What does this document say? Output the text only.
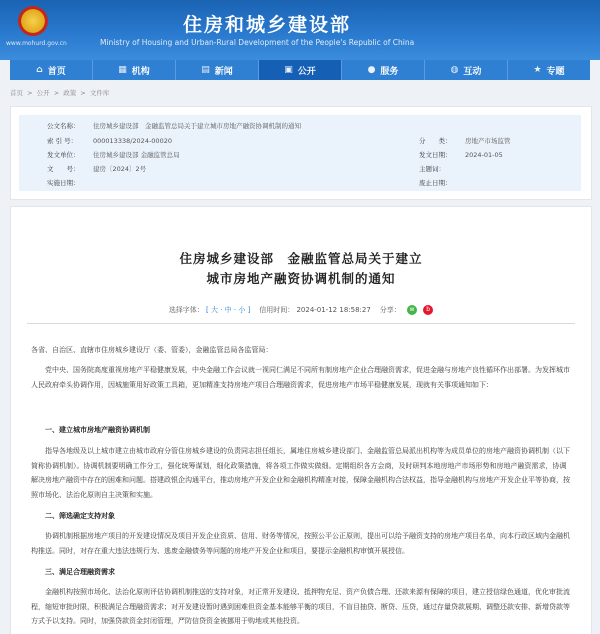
www.mohurd.gov.cn
住房和城乡建设部
Ministry of Housing and Urban-Rural Development of the People's Republic of China
⌂ 首页	▦ 机构	▤ 新闻	▣ 公开	● 服务	◍ 互动	★ 专题
首页 > 公开 > 政策 > 文件库
公文名称： 住房城乡建设部　金融监管总局关于建立城市房地产融资协调机制的通知
索 引 号： 000013338/2024-00020
发文单位： 住房城乡建设部 金融监管总局
文　　号： 建房〔2024〕2号
实施日期：
分　　类： 房地产市场监管
发文日期： 2024-01-05
主题词：
废止日期：
住房城乡建设部　金融监管总局关于建立
城市房地产融资协调机制的通知
选择字体： [ 大 · 中 · 小 ] 信用时间： 2024-01-12 18:58:27 分享： w b
各省、自治区、直辖市住房城乡建设厅（委、管委），金融监管总局各监管局：
党中央、国务院高度重视房地产平稳健康发展，中央金融工作会议就一视同仁满足不同所有制房地产企业合理融资需求，促进金融与房地产良性循环作出部署。为发挥城市人民政府牵头协调作用，因城施策用好政策工具箱，更加精准支持房地产项目合理融资需求，促进房地产市场平稳健康发展，现就有关事项通知如下：
一、建立城市房地产融资协调机制
指导各地级及以上城市建立由城市政府分管住房城乡建设的负责同志担任组长，属地住房城乡建设部门、金融监管总局派出机构等为成员单位的房地产融资协调机制（以下简称协调机制）。协调机制要明确工作分工，强化统筹谋划，细化政策措施，将各项工作做实做细。定期组织各方会商，及时研判本地房地产市场形势和房地产融资需求，协调解决房地产融资中存在的困难和问题。搭建政银企沟通平台，推动房地产开发企业和金融机构精准对接，保障金融机构合法权益，指导金融机构与房地产开发企业平等协商，按照市场化、法治化原则自主决策和实施。
二、筛选确定支持对象
协调机制根据房地产项目的开发建设情况及项目开发企业资质、信用、财务等情况，按照公平公正原则，提出可以给予融资支持的房地产项目名单，向本行政区域内金融机构推送。同时，对存在重大违法违规行为、逃废金融债务等问题的房地产开发企业和项目，要提示金融机构审慎开展授信。
三、满足合理融资需求
金融机构按照市场化、法治化原则评估协调机制推送的支持对象，对正常开发建设、抵押物充足、资产负债合理、还款来源有保障的项目，建立授信绿色通道，优化审批流程，缩短审批时限，积极满足合理融资需求；对开发建设暂时遇到困难但资金基本能够平衡的项目，不盲目抽贷、断贷、压贷，通过存量贷款展期、调整还款安排、新增贷款等方式予以支持。同时，加强贷款资金封闭管理，严防信贷资金被挪用于购地或其他投资。
